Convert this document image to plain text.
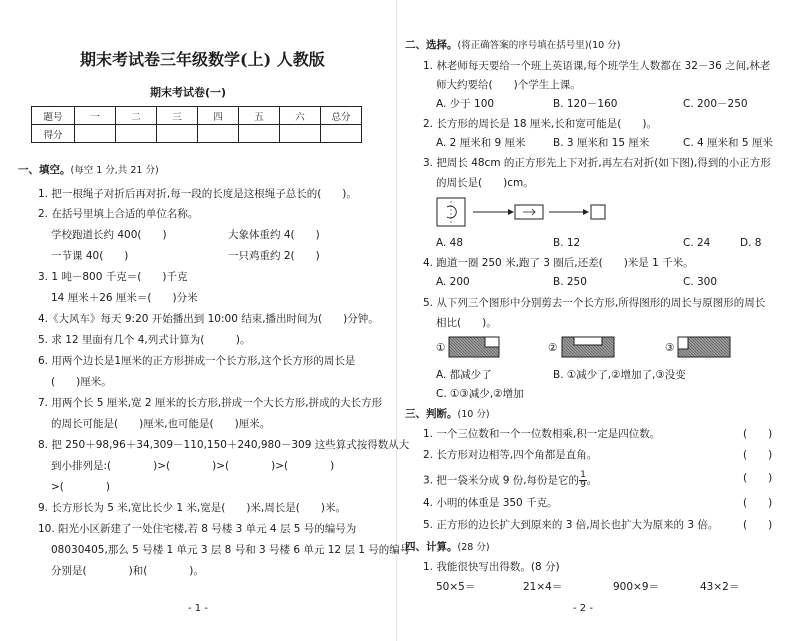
期末考试卷三年级数学(上) 人教版
期末考试卷(一)
题号	一	二	三	四	五	六	总分
得分							
一、填空。(每空 1 分,共 21 分)
1. 把一根绳子对折后再对折,每一段的长度是这根绳子总长的(　　)。
2. 在括号里填上合适的单位名称。
学校跑道长约 400(　　)	大象体重约 4(　　)
一节课 40(　　)	一只鸡重约 2(　　)
3. 1 吨－800 千克＝(　　)千克
14 厘米＋26 厘米＝(　　)分米
4.《大风车》每天 9:20 开始播出到 10:00 结束,播出时间为(　　)分钟。
5. 求 12 里面有几个 4,列式计算为(　　　)。
6. 用两个边长是1厘米的正方形拼成一个长方形,这个长方形的周长是
(　　)厘米。
7. 用两个长 5 厘米,宽 2 厘米的长方形,拼成一个大长方形,拼成的大长方形
的周长可能是(　　)厘米,也可能是(　　)厘米。
8. 把 250＋98,96＋34,309－110,150＋240,980－309 这些算式按得数从大
到小排列是:(　　　　)>(　　　　)>(　　　　)>(　　　　)
>(　　　　)
9. 长方形长为 5 米,宽比长少 1 米,宽是(　　)米,周长是(　　)米。
10. 阳光小区新建了一处住宅楼,若 8 号楼 3 单元 4 层 5 号的编号为
08030405,那么 5 号楼 1 单元 3 层 8 号和 3 号楼 6 单元 12 层 1 号的编号
分别是(　　　　)和(　　　　)。
- 1 -
二、选择。(将正确答案的序号填在括号里)(10 分)
1. 林老师每天要给一个班上英语课,每个班学生人数都在 32－36 之间,林老
师大约要给(　　)个学生上课。
A. 少于 100	B. 120－160	C. 200－250
2. 长方形的周长是 18 厘米,长和宽可能是(　　)。
A. 2 厘米和 9 厘米	B. 3 厘米和 15 厘米	C. 4 厘米和 5 厘米
3. 把周长 48cm 的正方形先上下对折,再左右对折(如下图),得到的小正方形
的周长是(　　)cm。
A. 48	B. 12	C. 24	D. 8
4. 跑道一圈 250 米,跑了 3 圈后,还差(　　)米是 1 千米。
A. 200	B. 250	C. 300
5. 从下列三个图形中分别剪去一个长方形,所得图形的周长与原图形的周长
相比(　　)。
①	②	③
A. 都减少了	B. ①减少了,②增加了,③没变
C. ①③减少,②增加
三、判断。(10 分)
1. 一个三位数和一个一位数相乘,积一定是四位数。	(　　)
2. 长方形对边相等,四个角都是直角。	(　　)
3. 把一袋米分成 9 份,每份是它的 $\frac{1}{9}$ 。	(　　)
4. 小明的体重是 350 千克。	(　　)
5. 正方形的边长扩大到原来的 3 倍,周长也扩大为原来的 3 倍。 (　　)
四、计算。(28 分)
1. 我能很快写出得数。(8 分)
50×5＝	21×4＝	900×9＝	43×2＝
- 2 -
